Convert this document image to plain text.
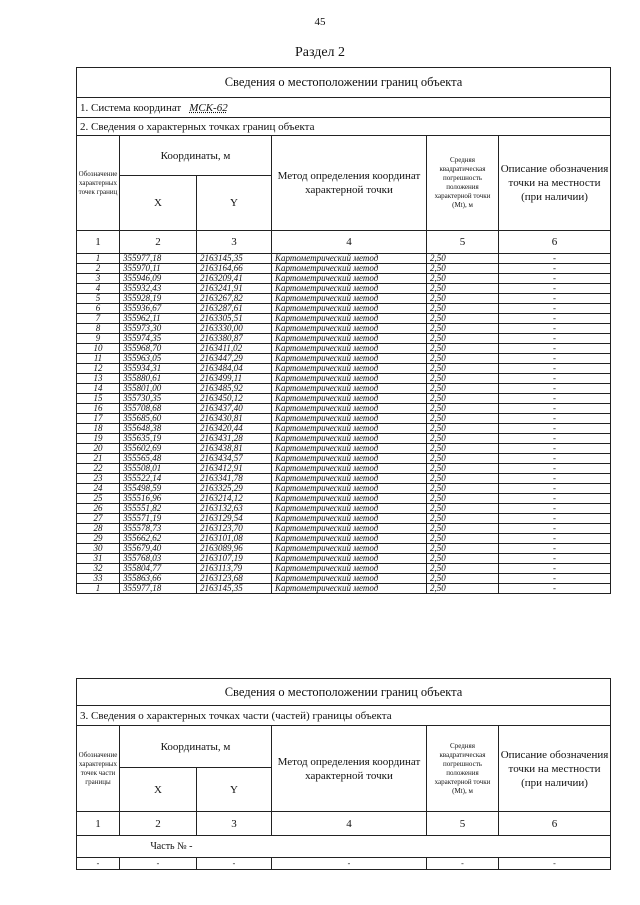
45
Раздел 2
Сведения о местоположении границ объекта					
1. Система координат МСК-62					
2. Сведения о характерных точках границ объекта					
Обозначение характерных точек границ	Координаты, м		Метод определения координат характерной точки	Средняя квадратическая погрешность положения характерной точки (Mt), м	Описание обозначения точки на местности (при наличии)
	X	Y			
1	2	3	4	5	6
1	355977,18	2163145,35	Картометрический метод	2,50	-
2	355970,11	2163164,66	Картометрический метод	2,50	-
3	355946,09	2163209,41	Картометрический метод	2,50	-
4	355932,43	2163241,91	Картометрический метод	2,50	-
5	355928,19	2163267,82	Картометрический метод	2,50	-
6	355936,67	2163287,61	Картометрический метод	2,50	-
7	355962,11	2163305,51	Картометрический метод	2,50	-
8	355973,30	2163330,00	Картометрический метод	2,50	-
9	355974,35	2163380,87	Картометрический метод	2,50	-
10	355968,70	2163411,02	Картометрический метод	2,50	-
11	355963,05	2163447,29	Картометрический метод	2,50	-
12	355934,31	2163484,04	Картометрический метод	2,50	-
13	355880,61	2163499,11	Картометрический метод	2,50	-
14	355801,00	2163485,92	Картометрический метод	2,50	-
15	355730,35	2163450,12	Картометрический метод	2,50	-
16	355708,68	2163437,40	Картометрический метод	2,50	-
17	355685,60	2163430,81	Картометрический метод	2,50	-
18	355648,38	2163420,44	Картометрический метод	2,50	-
19	355635,19	2163431,28	Картометрический метод	2,50	-
20	355602,69	2163438,81	Картометрический метод	2,50	-
21	355565,48	2163434,57	Картометрический метод	2,50	-
22	355508,01	2163412,91	Картометрический метод	2,50	-
23	355522,14	2163341,78	Картометрический метод	2,50	-
24	355498,59	2163325,29	Картометрический метод	2,50	-
25	355516,96	2163214,12	Картометрический метод	2,50	-
26	355551,82	2163132,63	Картометрический метод	2,50	-
27	355571,19	2163129,54	Картометрический метод	2,50	-
28	355578,73	2163123,70	Картометрический метод	2,50	-
29	355662,62	2163101,08	Картометрический метод	2,50	-
30	355679,40	2163089,96	Картометрический метод	2,50	-
31	355768,03	2163107,19	Картометрический метод	2,50	-
32	355804,77	2163113,79	Картометрический метод	2,50	-
33	355863,66	2163123,68	Картометрический метод	2,50	-
1	355977,18	2163145,35	Картометрический метод	2,50	-
Сведения о местоположении границ объекта					
3. Сведения о характерных точках части (частей) границы объекта					
Обозначение характерных точек части границы	Координаты, м		Метод определения координат характерной точки	Средняя квадратическая погрешность положения характерной точки (Mt), м	Описание обозначения точки на местности (при наличии)
	X	Y			
1	2	3	4	5	6
	Часть № -				
-	-	-	-	-	-
